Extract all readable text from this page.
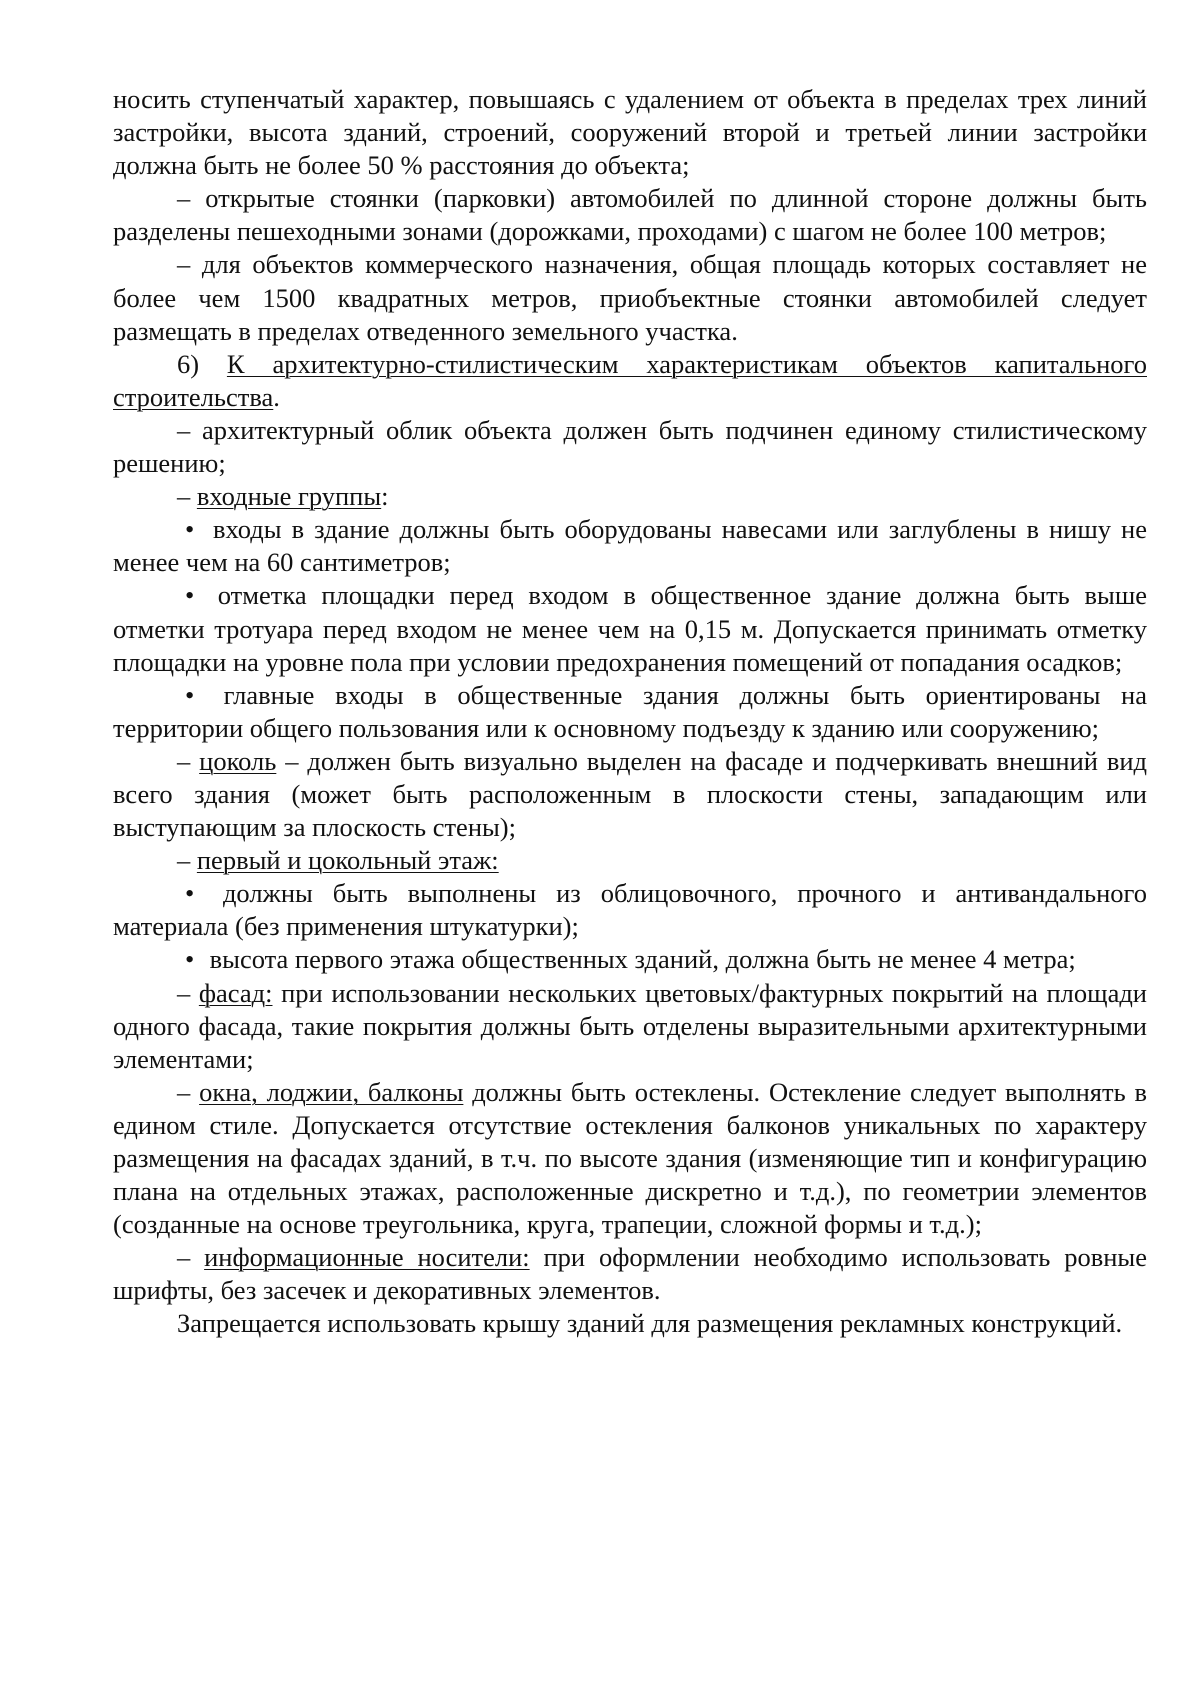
носить ступенчатый характер, повышаясь с удалением от объекта в пределах трех линий застройки, высота зданий, строений, сооружений второй и третьей линии застройки должна быть не более 50 % расстояния до объекта;

– открытые стоянки (парковки) автомобилей по длинной стороне должны быть разделены пешеходными зонами (дорожками, проходами) с шагом не более 100 метров;

– для объектов коммерческого назначения, общая площадь которых составляет не более чем 1500 квадратных метров, приобъектные стоянки автомобилей следует размещать в пределах отведенного земельного участка.

6) К архитектурно-стилистическим характеристикам объектов капитального строительства.

– архитектурный облик объекта должен быть подчинен единому стилистическому решению;

– входные группы:

• входы в здание должны быть оборудованы навесами или заглублены в нишу не менее чем на 60 сантиметров;

• отметка площадки перед входом в общественное здание должна быть выше отметки тротуара перед входом не менее чем на 0,15 м. Допускается принимать отметку площадки на уровне пола при условии предохранения помещений от попадания осадков;

• главные входы в общественные здания должны быть ориентированы на территории общего пользования или к основному подъезду к зданию или сооружению;

– цоколь – должен быть визуально выделен на фасаде и подчеркивать внешний вид всего здания (может быть расположенным в плоскости стены, западающим или выступающим за плоскость стены);

– первый и цокольный этаж:

• должны быть выполнены из облицовочного, прочного и антивандального материала (без применения штукатурки);

• высота первого этажа общественных зданий, должна быть не менее 4 метра;

– фасад: при использовании нескольких цветовых/фактурных покрытий на площади одного фасада, такие покрытия должны быть отделены выразительными архитектурными элементами;

– окна, лоджии, балконы должны быть остеклены. Остекление следует выполнять в едином стиле. Допускается отсутствие остекления балконов уникальных по характеру размещения на фасадах зданий, в т.ч. по высоте здания (изменяющие тип и конфигурацию плана на отдельных этажах, расположенные дискретно и т.д.), по геометрии элементов (созданные на основе треугольника, круга, трапеции, сложной формы и т.д.);

– информационные носители: при оформлении необходимо использовать ровные шрифты, без засечек и декоративных элементов.

Запрещается использовать крышу зданий для размещения рекламных конструкций.
